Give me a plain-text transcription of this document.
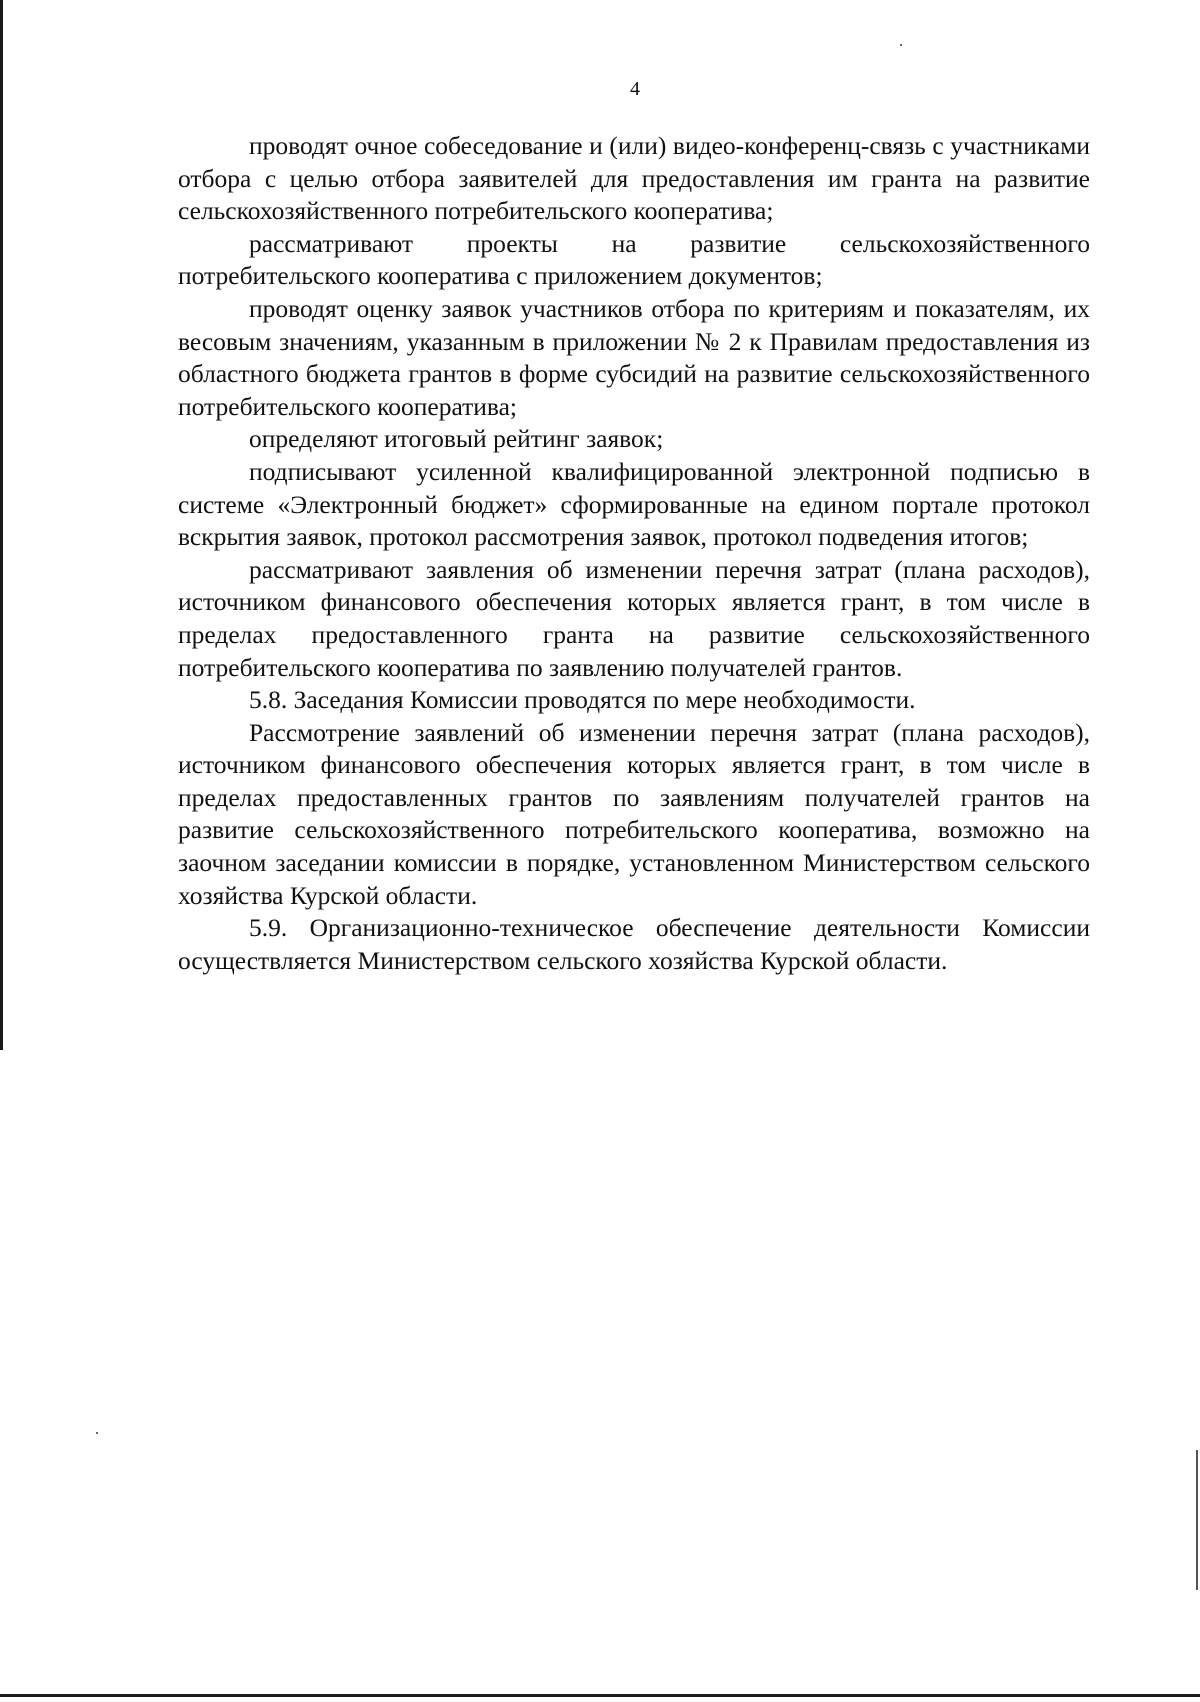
4

проводят очное собеседование и (или) видео-конференц-связь с участниками отбора с целью отбора заявителей для предоставления им гранта на развитие сельскохозяйственного потребительского кооператива;

рассматривают проекты на развитие сельскохозяйственного потребительского кооператива с приложением документов;

проводят оценку заявок участников отбора по критериям и показателям, их весовым значениям, указанным в приложении № 2 к Правилам предоставления из областного бюджета грантов в форме субсидий на развитие сельскохозяйственного потребительского кооператива;

определяют итоговый рейтинг заявок;

подписывают усиленной квалифицированной электронной подписью в системе «Электронный бюджет» сформированные на едином портале протокол вскрытия заявок, протокол рассмотрения заявок, протокол подведения итогов;

рассматривают заявления об изменении перечня затрат (плана расходов), источником финансового обеспечения которых является грант, в том числе в пределах предоставленного гранта на развитие сельскохозяйственного потребительского кооператива по заявлению получателей грантов.

5.8. Заседания Комиссии проводятся по мере необходимости.

Рассмотрение заявлений об изменении перечня затрат (плана расходов), источником финансового обеспечения которых является грант, в том числе в пределах предоставленных грантов по заявлениям получателей грантов на развитие сельскохозяйственного потребительского кооператива, возможно на заочном заседании комиссии в порядке, установленном Министерством сельского хозяйства Курской области.

5.9. Организационно-техническое обеспечение деятельности Комиссии осуществляется Министерством сельского хозяйства Курской области.
